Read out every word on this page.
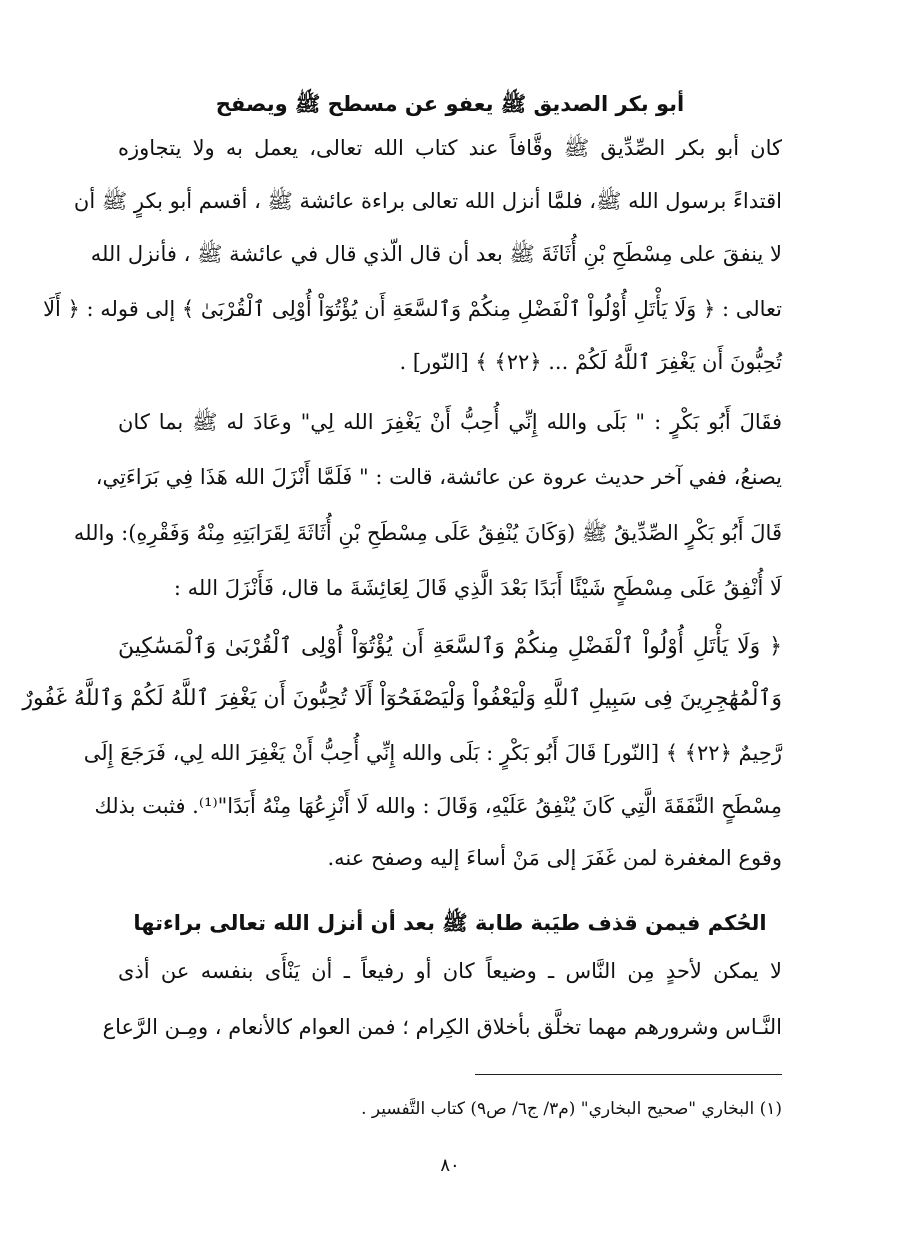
أبو بكر الصديق ﷺ يعفو عن مسطح ﷺ ويصفح
كان أبو بكر الصِّدِّيق ﷺ وقَّافاً عند كتاب الله تعالى، يعمل به ولا يتجاوزه
اقتداءً برسول الله ﷺ، فلمَّا أنزل الله تعالى براءة عائشة ﷺ ، أقسم أبو بكرٍ ﷺ أن
لا ينفقَ على مِسْطَحِ بْنِ أُثَاثَةَ ﷺ بعد أن قال الّذي قال في عائشة ﷺ ، فأنزل الله
تعالى : ﴿ وَلَا يَأْتَلِ أُوْلُواْ ٱلْفَضْلِ مِنكُمْ وَٱلسَّعَةِ أَن يُؤْتُوٓاْ أُوْلِى ٱلْقُرْبَىٰ ﴾ إلى قوله : ﴿ أَلَا
تُحِبُّونَ أَن يَغْفِرَ ٱللَّهُ لَكُمْ ... ﴿٢٢﴾ ﴾ [النّور] .
فقَالَ أَبُو بَكْرٍ : " بَلَى والله إِنِّي أُحِبُّ أَنْ يَغْفِرَ الله لِي" وعَادَ له ﷺ بما كان
يصنعُ، ففي آخر حديث عروة عن عائشة، قالت : " فَلَمَّا أَنْزَلَ الله هَذَا فِي بَرَاءَتِي،
قَالَ أَبُو بَكْرٍ الصِّدِّيقُ ﷺ (وَكَانَ يُنْفِقُ عَلَى مِسْطَحِ بْنِ أُثَاثَةَ لِقَرَابَتِهِ مِنْهُ وَفَقْرِهِ): والله
لَا أُنْفِقُ عَلَى مِسْطَحٍ شَيْئًا أَبَدًا بَعْدَ الَّذِي قَالَ لِعَائِشَةَ ما قال، فَأَنْزَلَ الله :
﴿ وَلَا يَأْتَلِ أُوْلُواْ ٱلْفَضْلِ مِنكُمْ وَٱلسَّعَةِ أَن يُؤْتُوٓاْ أُوْلِى ٱلْقُرْبَىٰ وَٱلْمَسَٰكِينَ
وَٱلْمُهَٰجِرِينَ فِى سَبِيلِ ٱللَّهِ وَلْيَعْفُواْ وَلْيَصْفَحُوٓاْ أَلَا تُحِبُّونَ أَن يَغْفِرَ ٱللَّهُ لَكُمْ وَٱللَّهُ غَفُورٌ
رَّحِيمٌ ﴿٢٢﴾ ﴾ [النّور] قَالَ أَبُو بَكْرٍ : بَلَى والله إِنِّي أُحِبُّ أَنْ يَغْفِرَ الله لِي، فَرَجَعَ إِلَى
مِسْطَحٍ النَّفَقَةَ الَّتِي كَانَ يُنْفِقُ عَلَيْهِ، وَقَالَ : والله لَا أَنْزِعُهَا مِنْهُ أَبَدًا"⁽¹⁾. فثبت بذلك
وقوع المغفرة لمن غَفَرَ إلى مَنْ أساءَ إليه وصفح عنه.
الحُكم فيمن قذف طيَبة طابة ﷺ بعد أن أنزل الله تعالى براءتها
لا يمكن لأحدٍ مِن النَّاس ـ وضيعاً كان أو رفيعاً ـ أن يَنْأَى بنفسه عن أذى
النَّـاس وشرورهم مهما تخلَّق بأخلاق الكِرام ؛ فمن العوام كالأنعام ، ومِـن الرَّعاع
(١) البخاري "صحيح البخاري" (م٣/ ج٦/ ص٩) كتاب التَّفسير .
٨٠
